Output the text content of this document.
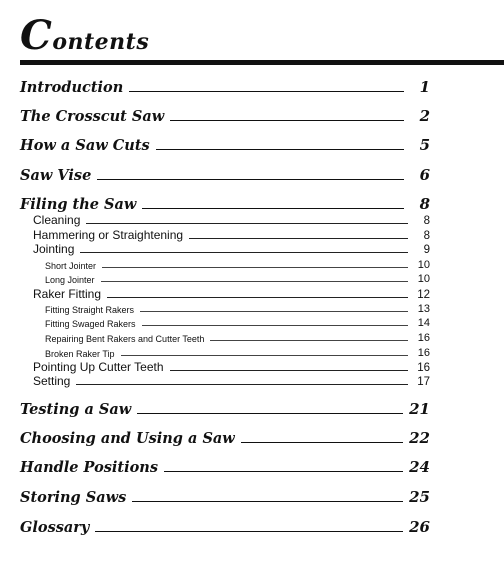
Contents
Introduction	1
The Crosscut Saw	2
How a Saw Cuts	5
Saw Vise	6
Filing the Saw	8
Cleaning	8
Hammering or Straightening	8
Jointing	9
Short Jointer	10
Long Jointer	10
Raker Fitting	12
Fitting Straight Rakers	13
Fitting Swaged Rakers	14
Repairing Bent Rakers and Cutter Teeth	16
Broken Raker Tip	16
Pointing Up Cutter Teeth	16
Setting	17
Testing a Saw	21
Choosing and Using a Saw	22
Handle Positions	24
Storing Saws	25
Glossary	26
